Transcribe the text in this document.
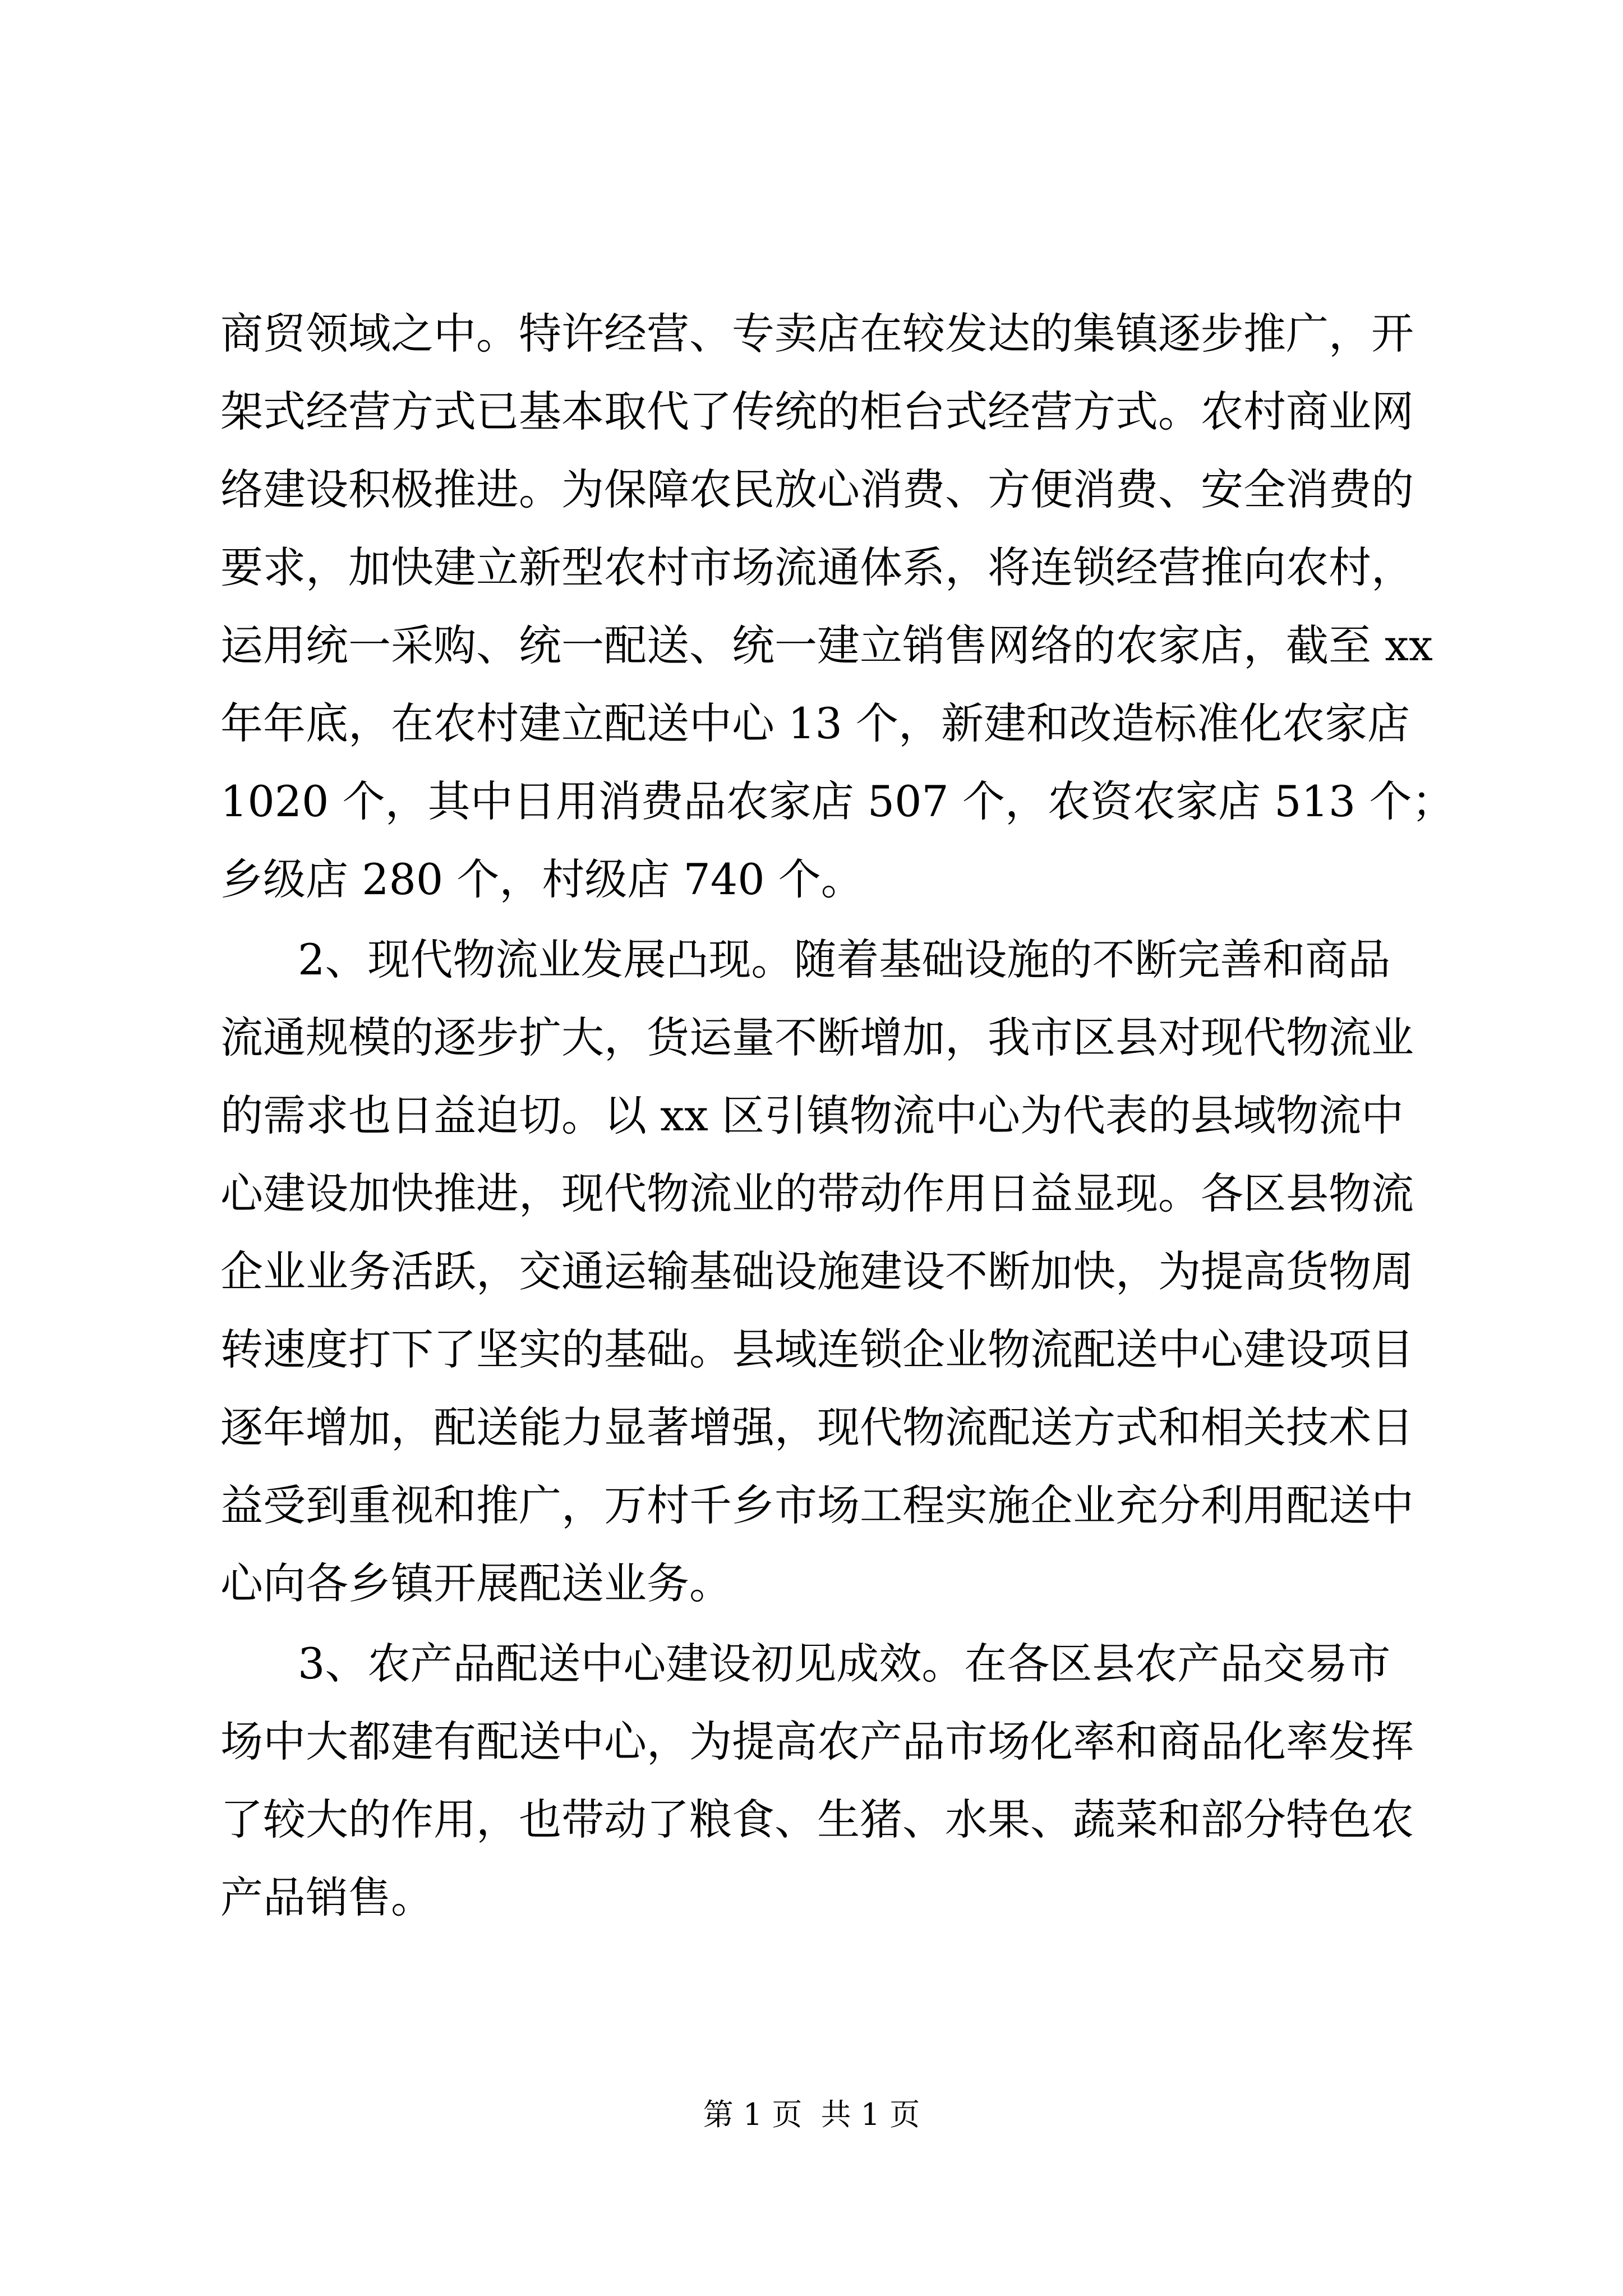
商贸领域之中。特许经营、专卖店在较发达的集镇逐步推广，开
架式经营方式已基本取代了传统的柜台式经营方式。农村商业网
络建设积极推进。为保障农民放心消费、方便消费、安全消费的
要求，加快建立新型农村市场流通体系，将连锁经营推向农村，
运用统一采购、统一配送、统一建立销售网络的农家店，截至 xx
年年底，在农村建立配送中心 13 个，新建和改造标准化农家店
1020 个，其中日用消费品农家店 507 个，农资农家店 513 个；
乡级店 280 个，村级店 740 个。
2、现代物流业发展凸现。随着基础设施的不断完善和商品
流通规模的逐步扩大，货运量不断增加，我市区县对现代物流业
的需求也日益迫切。以 xx 区引镇物流中心为代表的县域物流中
心建设加快推进，现代物流业的带动作用日益显现。各区县物流
企业业务活跃，交通运输基础设施建设不断加快，为提高货物周
转速度打下了坚实的基础。县域连锁企业物流配送中心建设项目
逐年增加，配送能力显著增强，现代物流配送方式和相关技术日
益受到重视和推广，万村千乡市场工程实施企业充分利用配送中
心向各乡镇开展配送业务。
3、农产品配送中心建设初见成效。在各区县农产品交易市
场中大都建有配送中心，为提高农产品市场化率和商品化率发挥
了较大的作用，也带动了粮食、生猪、水果、蔬菜和部分特色农
产品销售。
第 1 页 共 1 页
